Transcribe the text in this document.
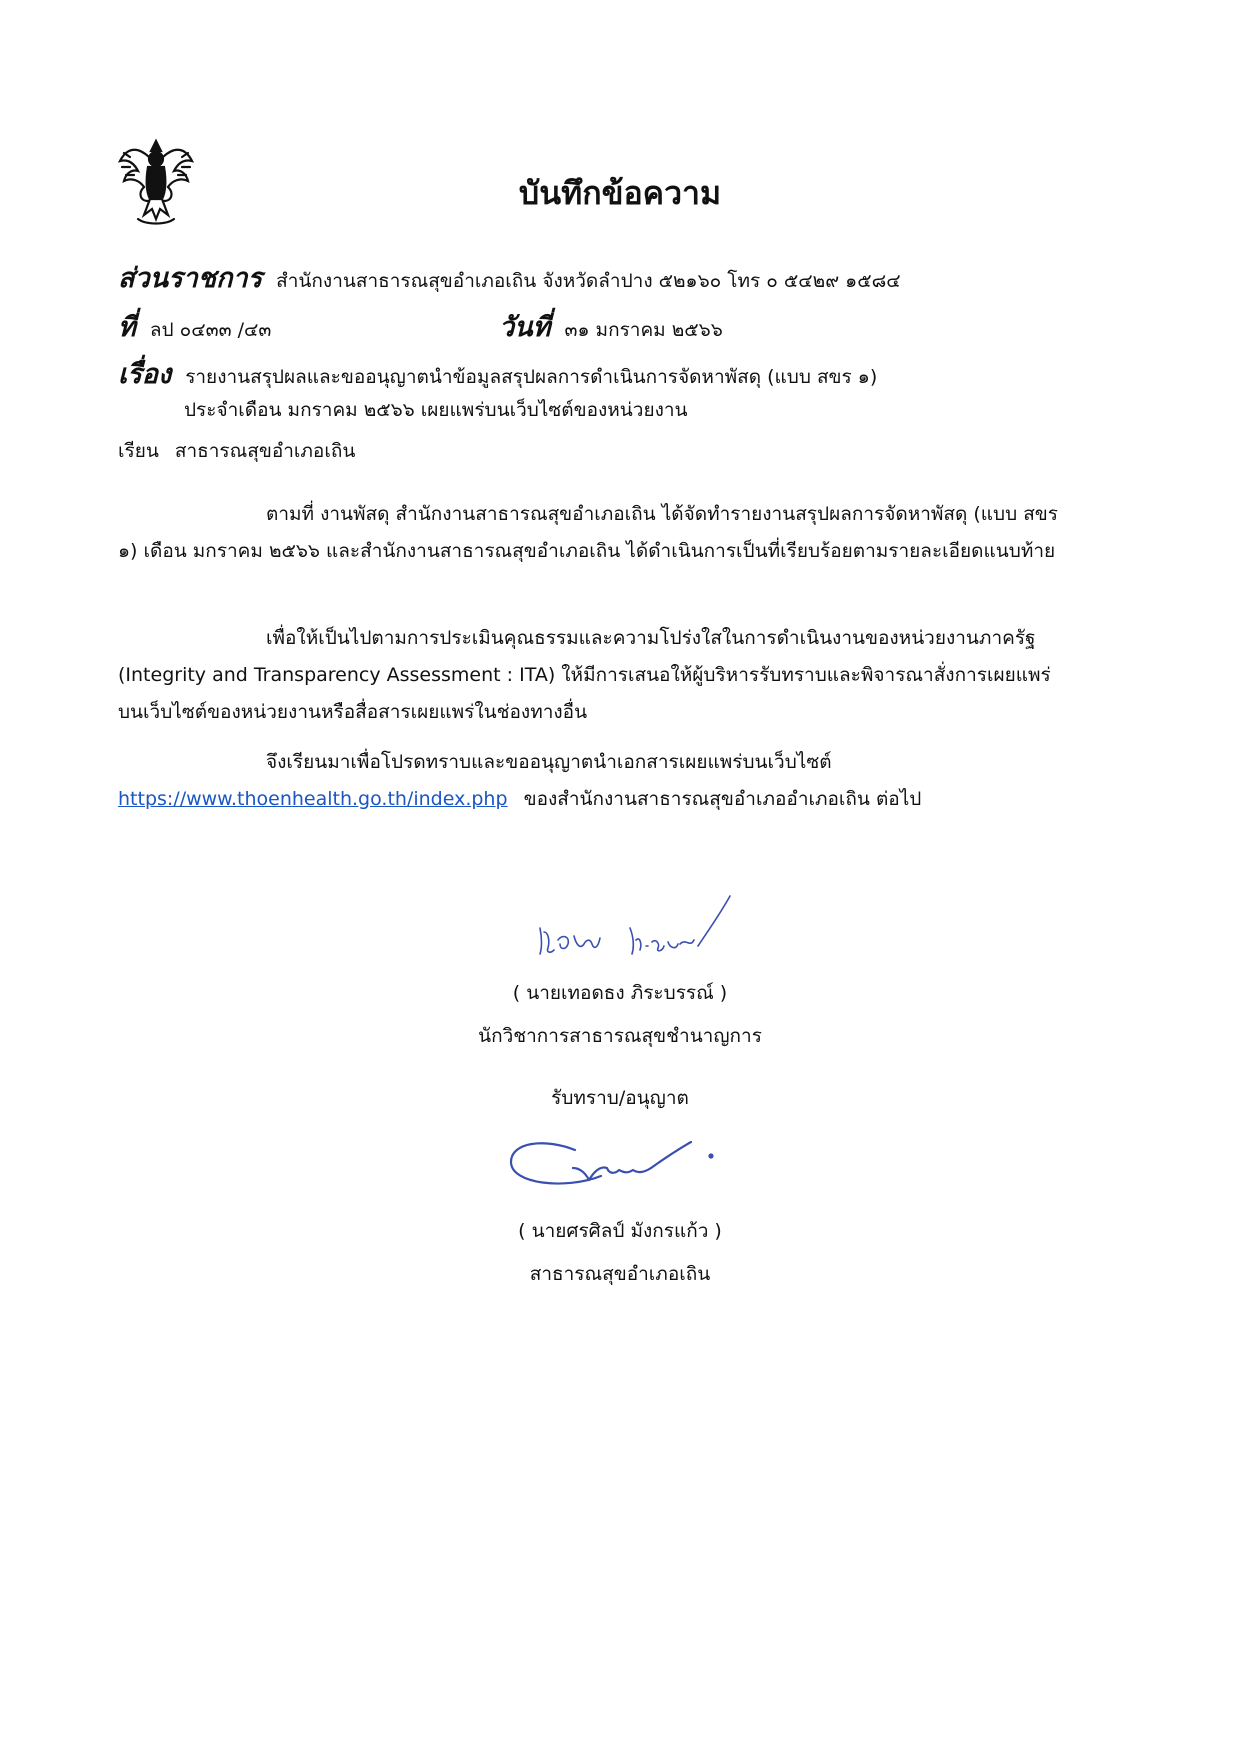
บันทึกข้อความ
ส่วนราชการ สำนักงานสาธารณสุขอำเภอเถิน จังหวัดลำปาง ๕๒๑๖๐ โทร ๐ ๕๔๒๙ ๑๕๘๔
ที่ ลป ๐๔๓๓ /๔๓	วันที่ ๓๑ มกราคม ๒๕๖๖
เรื่อง รายงานสรุปผลและขออนุญาตนำข้อมูลสรุปผลการดำเนินการจัดหาพัสดุ (แบบ สขร ๑)
ประจำเดือน มกราคม ๒๕๖๖ เผยแพร่บนเว็บไซต์ของหน่วยงาน
เรียน สาธารณสุขอำเภอเถิน
ตามที่ งานพัสดุ สำนักงานสาธารณสุขอำเภอเถิน ได้จัดทำรายงานสรุปผลการจัดหาพัสดุ (แบบ สขร ๑) เดือน มกราคม ๒๕๖๖ และสำนักงานสาธารณสุขอำเภอเถิน ได้ดำเนินการเป็นที่เรียบร้อยตามรายละเอียดแนบท้าย
เพื่อให้เป็นไปตามการประเมินคุณธรรมและความโปร่งใสในการดำเนินงานของหน่วยงานภาครัฐ (Integrity and Transparency Assessment : ITA) ให้มีการเสนอให้ผู้บริหารรับทราบและพิจารณาสั่งการเผยแพร่บนเว็บไซต์ของหน่วยงานหรือสื่อสารเผยแพร่ในช่องทางอื่น
จึงเรียนมาเพื่อโปรดทราบและขออนุญาตนำเอกสารเผยแพร่บนเว็บไซต์
https://www.thoenhealth.go.th/index.php ของสำนักงานสาธารณสุขอำเภออำเภอเถิน ต่อไป
( นายเทอดธง ภิระบรรณ์ )
นักวิชาการสาธารณสุขชำนาญการ
รับทราบ/อนุญาต
( นายศรศิลป์ มังกรแก้ว )
สาธารณสุขอำเภอเถิน
